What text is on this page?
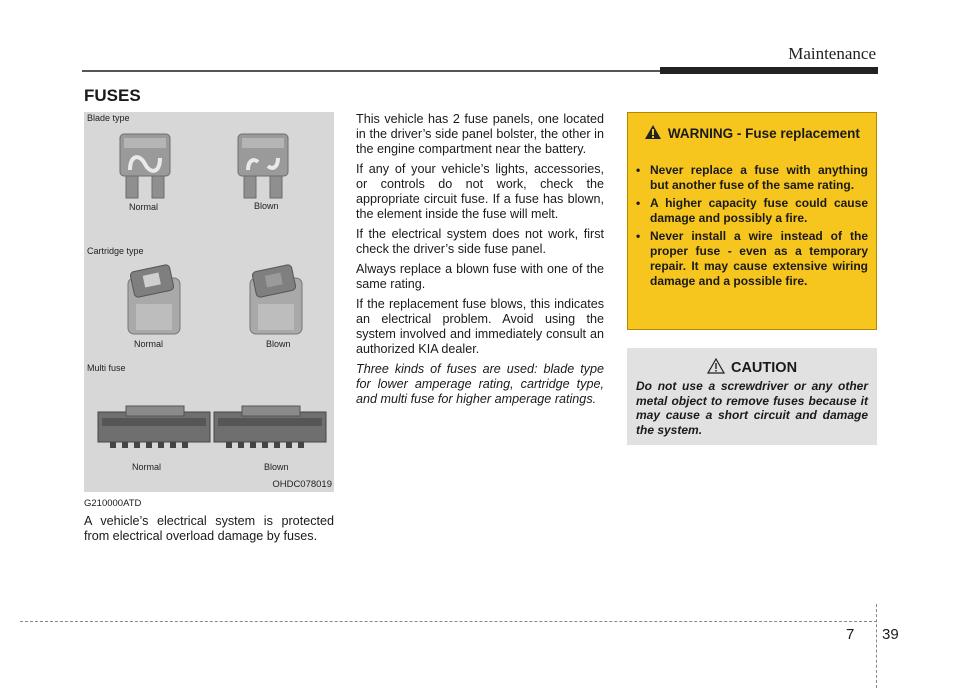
Maintenance
FUSES
Blade type
Normal	Blown
Cartridge type
Normal	Blown
Multi fuse
Normal	Blown
OHDC078019
G210000ATD

A vehicle’s electrical system is protected from electrical overload damage by fuses.

This vehicle has 2 fuse panels, one located in the driver’s side panel bolster, the other in the engine compartment near the battery.

If any of your vehicle’s lights, accessories, or controls do not work, check the appropriate circuit fuse. If a fuse has blown, the element inside the fuse will melt.

If the electrical system does not work, first check the driver’s side fuse panel.

Always replace a blown fuse with one of the same rating.

If the replacement fuse blows, this indicates an electrical problem. Avoid using the system involved and immediately consult an authorized KIA dealer.

Three kinds of fuses are used: blade type for lower amperage rating, cartridge type, and multi fuse for higher amperage ratings.

WARNING - Fuse replacement
• Never replace a fuse with anything but another fuse of the same rating.
• A higher capacity fuse could cause damage and possibly a fire.
• Never install a wire instead of the proper fuse - even as a temporary repair. It may cause extensive wiring damage and a possible fire.
CAUTION

Do not use a screwdriver or any other metal object to remove fuses because it may cause a short circuit and damage the system.

7 39
